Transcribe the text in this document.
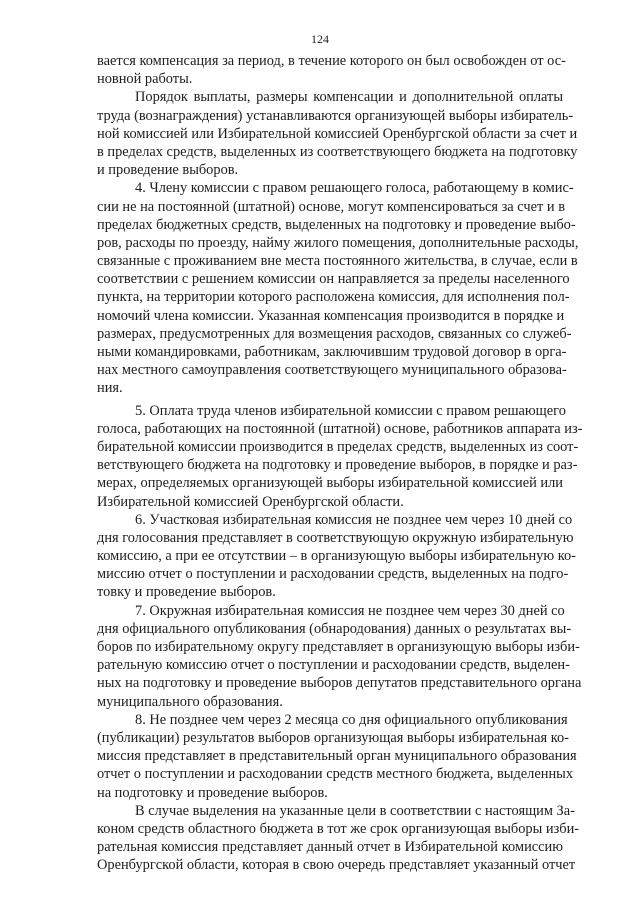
124
вается компенсация за период, в течение которого он был освобожден от ос-
новной работы.
Порядок выплаты, размеры компенсации и дополнительной оплаты
труда (вознаграждения) устанавливаются организующей выборы избиратель-
ной комиссией или Избирательной комиссией Оренбургской области за счет и
в пределах средств, выделенных из соответствующего бюджета на подготовку
и проведение выборов.
4. Члену комиссии с правом решающего голоса, работающему в комис-
сии не на постоянной (штатной) основе, могут компенсироваться за счет и в
пределах бюджетных средств, выделенных на подготовку и проведение выбо-
ров, расходы по проезду, найму жилого помещения, дополнительные расходы,
связанные с проживанием вне места постоянного жительства, в случае, если в
соответствии с решением комиссии он направляется за пределы населенного
пункта, на территории которого расположена комиссия, для исполнения пол-
номочий члена комиссии. Указанная компенсация производится в порядке и
размерах, предусмотренных для возмещения расходов, связанных со служеб-
ными командировками, работникам, заключившим трудовой договор в орга-
нах местного самоуправления соответствующего муниципального образова-
ния.
5. Оплата труда членов избирательной комиссии с правом решающего
голоса, работающих на постоянной (штатной) основе, работников аппарата из-
бирательной комиссии производится в пределах средств, выделенных из соот-
ветствующего бюджета на подготовку и проведение выборов, в порядке и раз-
мерах, определяемых организующей выборы избирательной комиссией или
Избирательной комиссией Оренбургской области.
6. Участковая избирательная комиссия не позднее чем через 10 дней со
дня голосования представляет в соответствующую окружную избирательную
комиссию, а при ее отсутствии – в организующую выборы избирательную ко-
миссию отчет о поступлении и расходовании средств, выделенных на подго-
товку и проведение выборов.
7. Окружная избирательная комиссия не позднее чем через 30 дней со
дня официального опубликования (обнародования) данных о результатах вы-
боров по избирательному округу представляет в организующую выборы изби-
рательную комиссию отчет о поступлении и расходовании средств, выделен-
ных на подготовку и проведение выборов депутатов представительного органа
муниципального образования.
8. Не позднее чем через 2 месяца со дня официального опубликования
(публикации) результатов выборов организующая выборы избирательная ко-
миссия представляет в представительный орган муниципального образования
отчет о поступлении и расходовании средств местного бюджета, выделенных
на подготовку и проведение выборов.
В случае выделения на указанные цели в соответствии с настоящим За-
коном средств областного бюджета в тот же срок организующая выборы изби-
рательная комиссия представляет данный отчет в Избирательной комиссию
Оренбургской области, которая в свою очередь представляет указанный отчет
